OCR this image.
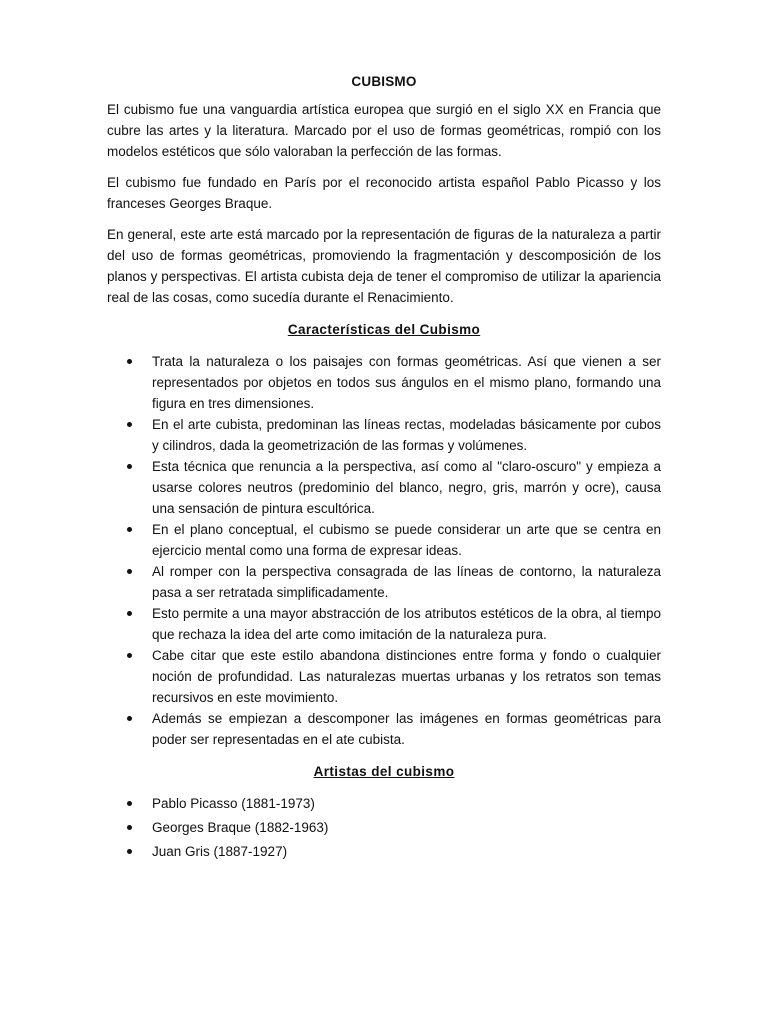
CUBISMO

El cubismo fue una vanguardia artística europea que surgió en el siglo XX en Francia que cubre las artes y la literatura. Marcado por el uso de formas geométricas, rompió con los modelos estéticos que sólo valoraban la perfección de las formas.

El cubismo fue fundado en París por el reconocido artista español Pablo Picasso y los franceses Georges Braque.

En general, este arte está marcado por la representación de figuras de la naturaleza a partir del uso de formas geométricas, promoviendo la fragmentación y descomposición de los planos y perspectivas. El artista cubista deja de tener el compromiso de utilizar la apariencia real de las cosas, como sucedía durante el Renacimiento.

Características del Cubismo
Trata la naturaleza o los paisajes con formas geométricas. Así que vienen a ser representados por objetos en todos sus ángulos en el mismo plano, formando una figura en tres dimensiones.
En el arte cubista, predominan las líneas rectas, modeladas básicamente por cubos y cilindros, dada la geometrización de las formas y volúmenes.
Esta técnica que renuncia a la perspectiva, así como al "claro-oscuro" y empieza a usarse colores neutros (predominio del blanco, negro, gris, marrón y ocre), causa una sensación de pintura escultórica.
En el plano conceptual, el cubismo se puede considerar un arte que se centra en ejercicio mental como una forma de expresar ideas.
Al romper con la perspectiva consagrada de las líneas de contorno, la naturaleza pasa a ser retratada simplificadamente.
Esto permite a una mayor abstracción de los atributos estéticos de la obra, al tiempo que rechaza la idea del arte como imitación de la naturaleza pura.
Cabe citar que este estilo abandona distinciones entre forma y fondo o cualquier noción de profundidad. Las naturalezas muertas urbanas y los retratos son temas recursivos en este movimiento.
Además se empiezan a descomponer las imágenes en formas geométricas para poder ser representadas en el ate cubista.
Artistas del cubismo
Pablo Picasso (1881-1973)
Georges Braque (1882-1963)
Juan Gris (1887-1927)
